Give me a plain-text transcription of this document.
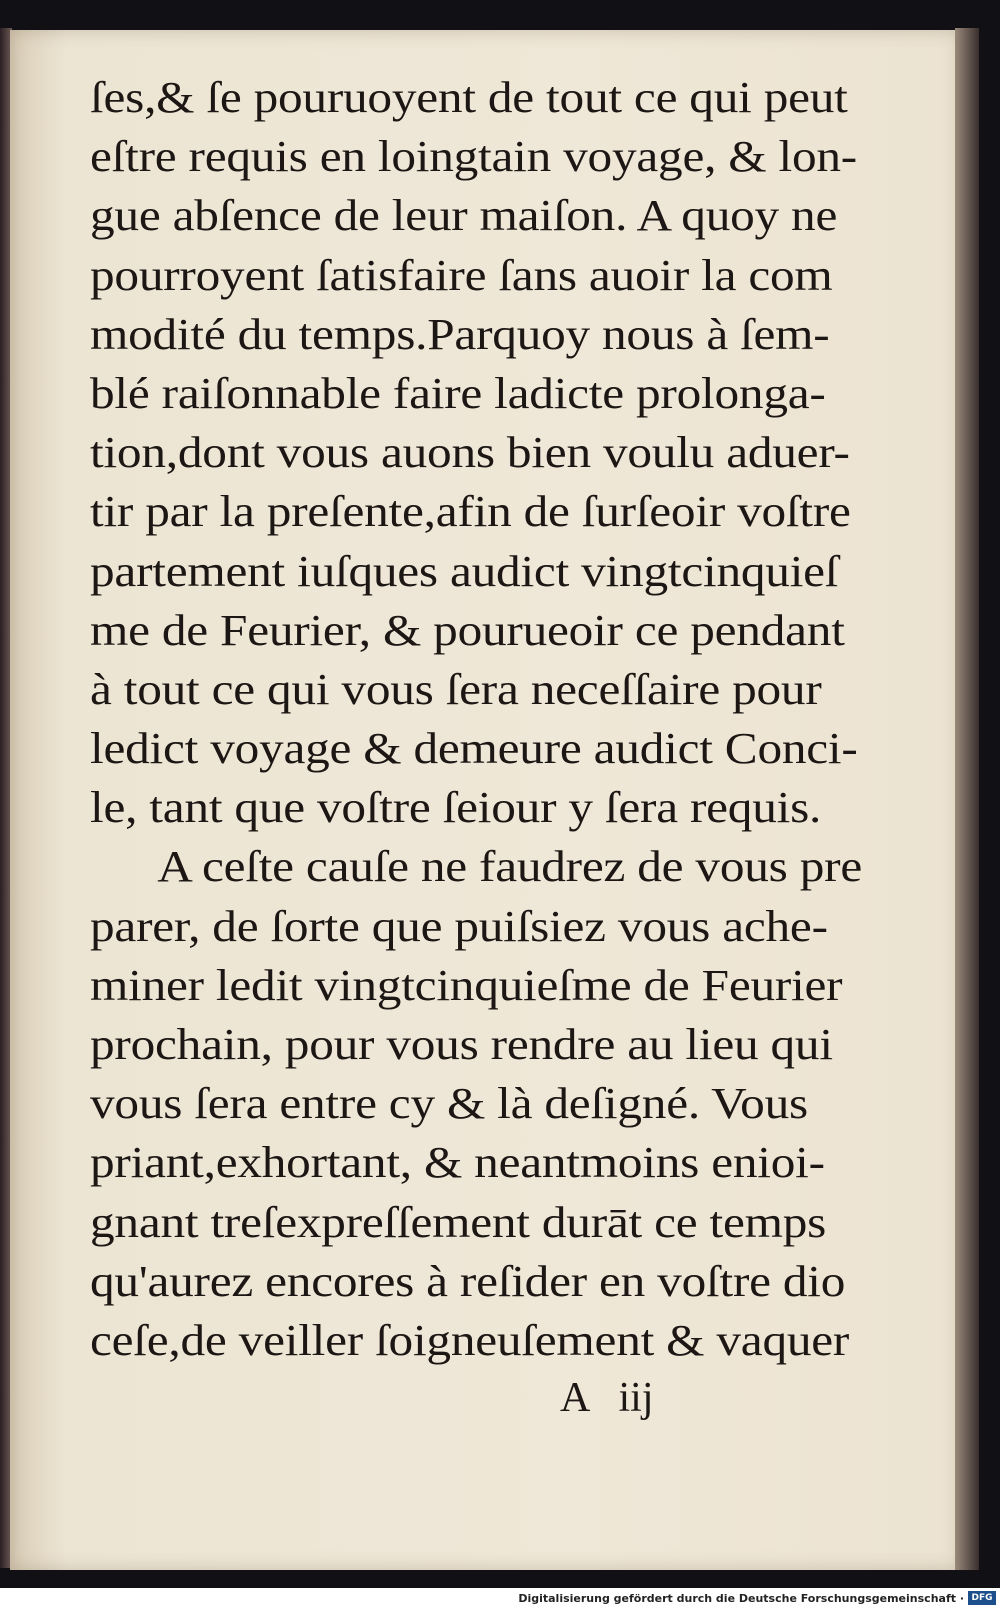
ſes,& ſe pouruoyent de tout ce qui peut
eſtre requis en loingtain voyage, & lon-
gue abſence de leur maiſon. A quoy ne
pourroyent ſatisfaire ſans auoir la com
modité du temps.Parquoy nous à ſem-
blé raiſonnable faire ladicte prolonga-
tion,dont vous auons bien voulu aduer-
tir par la preſente,afin de ſurſeoir voſtre
partement iuſques audict vingtcinquieſ
me de Feurier, & pourueoir ce pendant
à tout ce qui vous ſera neceſſaire pour
ledict voyage & demeure audict Conci-
le, tant que voſtre ſeiour y ſera requis.
A ceſte cauſe ne faudrez de vous pre
parer, de ſorte que puiſsiez vous ache-
miner ledit vingtcinquieſme de Feurier
prochain, pour vous rendre au lieu qui
vous ſera entre cy & là deſigné. Vous
priant,exhortant, & neantmoins enioi-
gnant treſexpreſſement durāt ce temps
qu'aurez encores à reſider en voſtre dio
ceſe,de veiller ſoigneuſement & vaquer
A iij
Digitalisierung gefördert durch die Deutsche Forschungsgemeinschaft · DFG
